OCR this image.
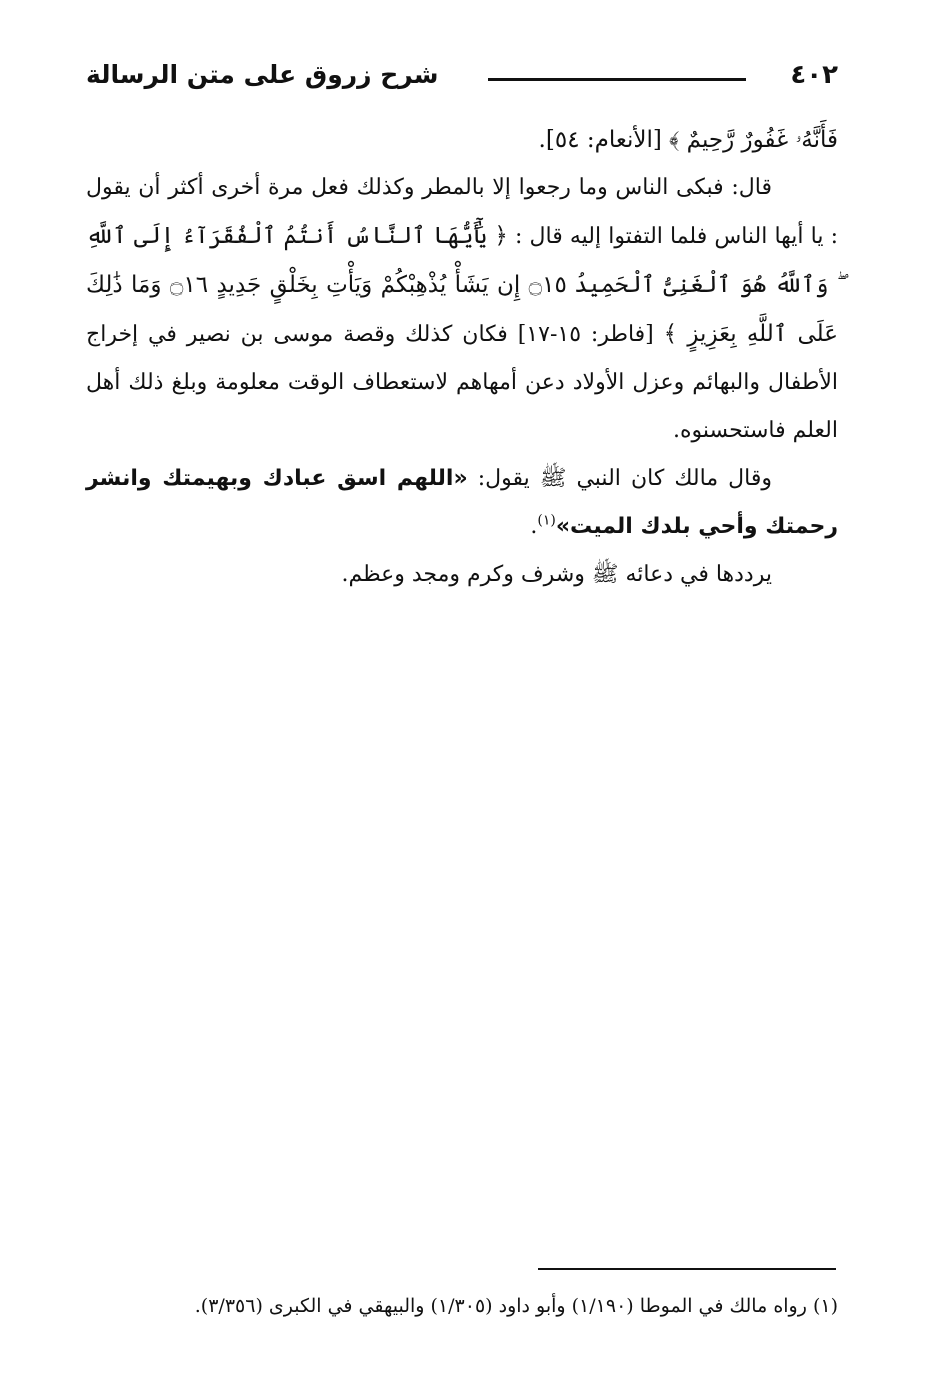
٤٠٢
شرح زروق على متن الرسالة

فَأَنَّهُۥ غَفُورٌ رَّحِيمٌ ﴾ [الأنعام: ٥٤].

قال: فبكى الناس وما رجعوا إلا بالمطر وكذلك فعل مرة أخرى أكثر أن يقول : يا أيها الناس فلما التفتوا إليه قال : ﴿ يَٰٓأَيُّهَا ٱلنَّاسُ أَنتُمُ ٱلْفُقَرَآءُ إِلَى ٱللَّهِ ۖ وَٱللَّهُ هُوَ ٱلْغَنِىُّ ٱلْحَمِيدُ ۝١٥ إِن يَشَأْ يُذْهِبْكُمْ وَيَأْتِ بِخَلْقٍ جَدِيدٍ ۝١٦ وَمَا ذَٰلِكَ عَلَى ٱللَّهِ بِعَزِيزٍ ﴾ [فاطر: ١٥-١٧] فكان كذلك وقصة موسى بن نصير في إخراج الأطفال والبهائم وعزل الأولاد دعن أمهاهم لاستعطاف الوقت معلومة وبلغ ذلك أهل العلم فاستحسنوه.

وقال مالك كان النبي ﷺ يقول: «اللهم اسق عبادك وبهيمتك وانشر رحمتك وأحي بلدك الميت»$^{(١)}$.

يرددها في دعائه ﷺ وشرف وكرم ومجد وعظم.

(١) رواه مالك في الموطا (١/١٩٠) وأبو داود (١/٣٠٥) والبيهقي في الكبرى (٣/٣٥٦).
